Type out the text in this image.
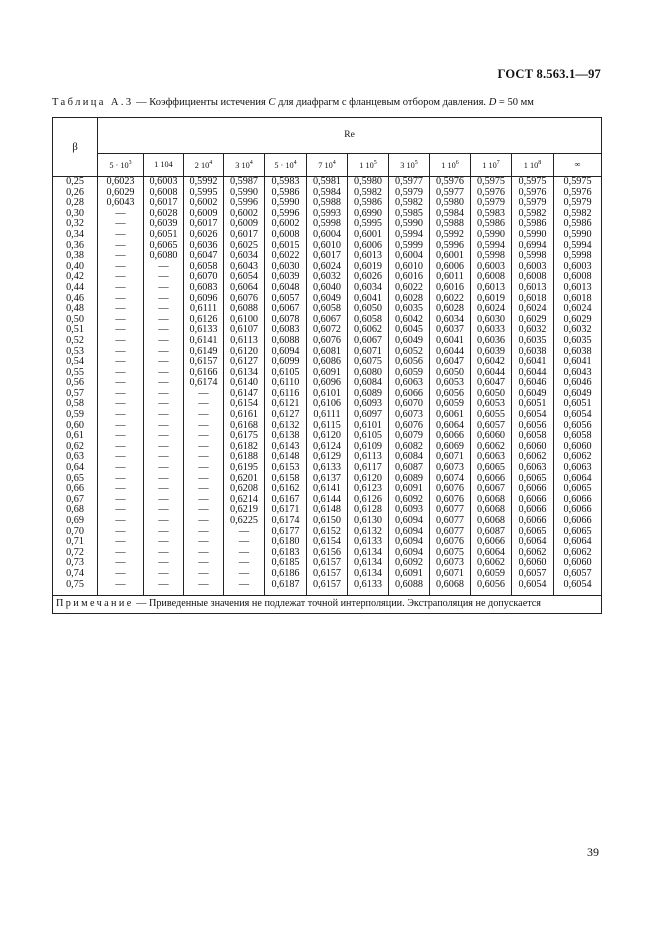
ГОСТ 8.563.1—97
Таблица А.3 — Коэффициенты истечения C для диафрагм с фланцевым отбором давления. D = 50 мм
β	Re											
	$5 \cdot 10^3$	1 104	2 $10^4$	3 $10^4$	$5 \cdot 10^4$	7 $10^4$	1 $10^5$	3 $10^5$	1 $10^6$	1 $10^7$	1 $10^8$	∞
0,25	0,6023	0,6003	0,5992	0,5987	0,5983	0,5981	0,5980	0,5977	0,5976	0,5975	0,5975	0,5975
0,26	0,6029	0,6008	0,5995	0,5990	0,5986	0,5984	0,5982	0,5979	0,5977	0,5976	0,5976	0,5976
0,28	0,6043	0,6017	0,6002	0,5996	0,5990	0,5988	0,5986	0,5982	0,5980	0,5979	0,5979	0,5979
0,30	—	0,6028	0,6009	0,6002	0,5996	0,5993	0,6990	0,5985	0,5984	0,5983	0,5982	0,5982
0,32	—	0,6039	0,6017	0,6009	0,6002	0,5998	0,5995	0,5990	0,5988	0,5986	0,5986	0,5986
0,34	—	0,6051	0,6026	0,6017	0,6008	0,6004	0,6001	0,5994	0,5992	0,5990	0,5990	0,5990
0,36	—	0,6065	0,6036	0,6025	0,6015	0,6010	0,6006	0,5999	0,5996	0,5994	0,6994	0,5994
0,38	—	0,6080	0,6047	0,6034	0,6022	0,6017	0,6013	0,6004	0,6001	0,5998	0,5998	0,5998
0,40	—	—	0,6058	0,6043	0,6030	0,6024	0,6019	0,6010	0,6006	0,6003	0,6003	0,6003
0,42	—	—	0,6070	0,6054	0,6039	0,6032	0,6026	0,6016	0,6011	0,6008	0,6008	0,6008
0,44	—	—	0,6083	0,6064	0,6048	0,6040	0,6034	0,6022	0,6016	0,6013	0,6013	0,6013
0,46	—	—	0,6096	0,6076	0,6057	0,6049	0,6041	0,6028	0,6022	0,6019	0,6018	0,6018
0,48	—	—	0,6111	0,6088	0,6067	0,6058	0,6050	0,6035	0,6028	0,6024	0,6024	0,6024
0,50	—	—	0,6126	0,6100	0,6078	0,6067	0,6058	0,6042	0,6034	0,6030	0,6029	0,6029
0,51	—	—	0,6133	0,6107	0,6083	0,6072	0,6062	0,6045	0,6037	0,6033	0,6032	0,6032
0,52	—	—	0,6141	0,6113	0,6088	0,6076	0,6067	0,6049	0,6041	0,6036	0,6035	0,6035
0,53	—	—	0,6149	0,6120	0,6094	0,6081	0,6071	0,6052	0,6044	0,6039	0,6038	0,6038
0,54	—	—	0,6157	0,6127	0,6099	0,6086	0,6075	0,6056	0,6047	0,6042	0,6041	0,6041
0,55	—	—	0,6166	0,6134	0,6105	0,6091	0,6080	0,6059	0,6050	0,6044	0,6044	0,6043
0,56	—	—	0,6174	0,6140	0,6110	0,6096	0,6084	0,6063	0,6053	0,6047	0,6046	0,6046
0,57	—	—	—	0,6147	0,6116	0,6101	0,6089	0,6066	0,6056	0,6050	0,6049	0,6049
0,58	—	—	—	0,6154	0,6121	0,6106	0,6093	0,6070	0,6059	0,6053	0,6051	0,6051
0,59	—	—	—	0,6161	0,6127	0,6111	0,6097	0,6073	0,6061	0,6055	0,6054	0,6054
0,60	—	—	—	0,6168	0,6132	0,6115	0,6101	0,6076	0,6064	0,6057	0,6056	0,6056
0,61	—	—	—	0,6175	0,6138	0,6120	0,6105	0,6079	0,6066	0,6060	0,6058	0,6058
0,62	—	—	—	0,6182	0,6143	0,6124	0,6109	0,6082	0,6069	0,6062	0,6060	0,6060
0,63	—	—	—	0,6188	0,6148	0,6129	0,6113	0,6084	0,6071	0,6063	0,6062	0,6062
0,64	—	—	—	0,6195	0,6153	0,6133	0,6117	0,6087	0,6073	0,6065	0,6063	0,6063
0,65	—	—	—	0,6201	0,6158	0,6137	0,6120	0,6089	0,6074	0,6066	0,6065	0,6064
0,66	—	—	—	0,6208	0,6162	0,6141	0,6123	0,6091	0,6076	0,6067	0,6066	0,6065
0,67	—	—	—	0,6214	0,6167	0,6144	0,6126	0,6092	0,6076	0,6068	0,6066	0,6066
0,68	—	—	—	0,6219	0,6171	0,6148	0,6128	0,6093	0,6077	0,6068	0,6066	0,6066
0,69	—	—	—	0,6225	0,6174	0,6150	0,6130	0,6094	0,6077	0,6068	0,6066	0,6066
0,70	—	—	—	—	0,6177	0,6152	0,6132	0,6094	0,6077	0,6087	0,6065	0,6065
0,71	—	—	—	—	0,6180	0,6154	0,6133	0,6094	0,6076	0,6066	0,6064	0,6064
0,72	—	—	—	—	0,6183	0,6156	0,6134	0,6094	0,6075	0,6064	0,6062	0,6062
0,73	—	—	—	—	0,6185	0,6157	0,6134	0,6092	0,6073	0,6062	0,6060	0,6060
0,74	—	—	—	—	0,6186	0,6157	0,6134	0,6091	0,6071	0,6059	0,6057	0,6057
0,75	—	—	—	—	0,6187	0,6157	0,6133	0,6088	0,6068	0,6056	0,6054	0,6054
Примечание — Приведенные значения не подлежат точной интерполяции. Экстраполяция не допускается												
39
